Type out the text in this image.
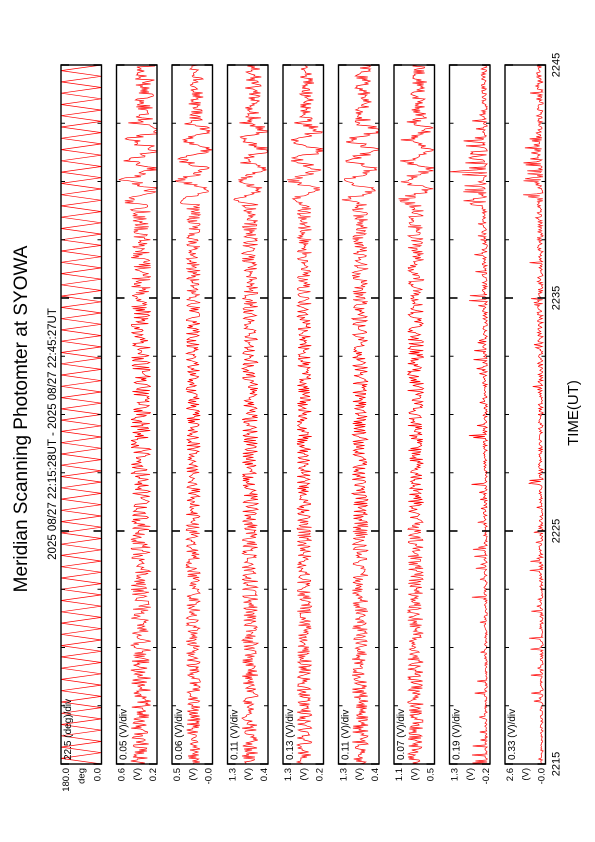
22.5 (deg)/div
0.0
deg
180.0
0.05 (V)/div
0.2
(V)
0.6
0.06 (V)/div
-0.0
(V)
0.5
0.11 (V)/div
0.4
(V)
1.3
0.13 (V)/div
0.2
(V)
1.3
0.11 (V)/div
0.4
(V)
1.3
0.07 (V)/div
0.5
(V)
1.1
0.19 (V)/div
-0.2
(V)
1.3
0.33 (V)/div
-0.0
(V)
2.6	2215
2225
2235
2245
Meridian Scanning Photomter at SYOWA 2025 08/27 22:15:28UT - 2025 08/27 22:45:27UT	TIME(UT)
